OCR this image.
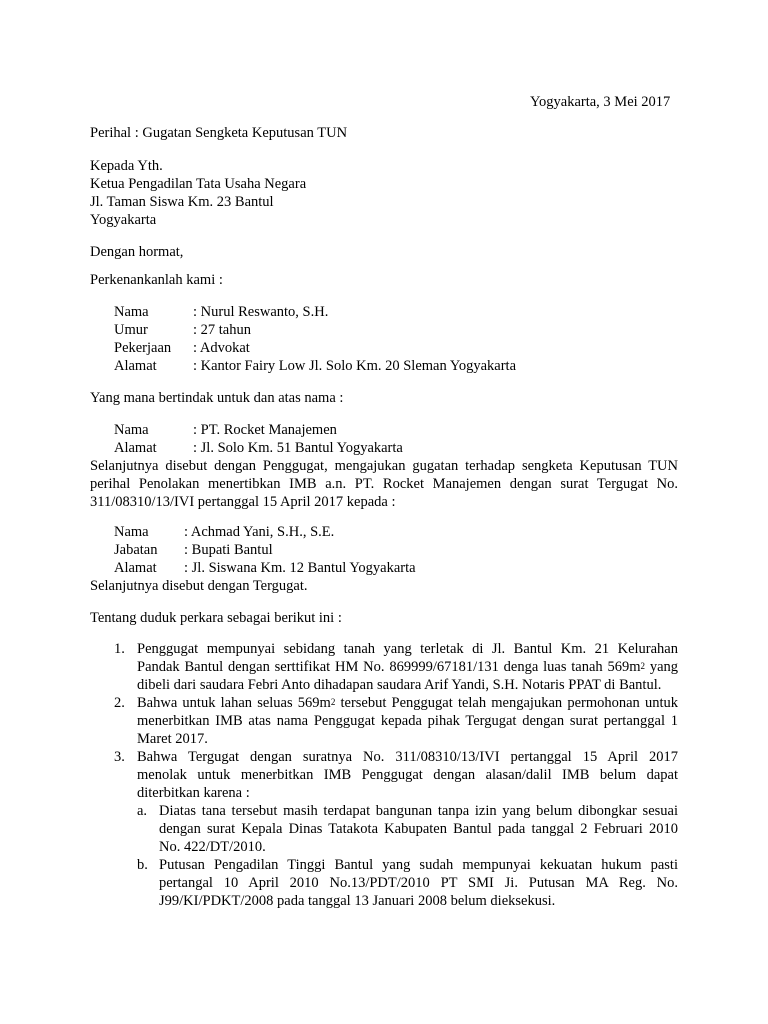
Yogyakarta, 3 Mei 2017
Perihal : Gugatan Sengketa Keputusan TUN
Kepada Yth.
Ketua Pengadilan Tata Usaha Negara
Jl. Taman Siswa Km. 23 Bantul
Yogyakarta
Dengan hormat,
Perkenankanlah kami :
Nama	: Nurul Reswanto, S.H.
Umur	: 27 tahun
Pekerjaan : Advokat
Alamat	: Kantor Fairy Low Jl. Solo Km. 20 Sleman Yogyakarta
Yang mana bertindak untuk dan atas nama :
Nama	: PT. Rocket Manajemen
Alamat	: Jl. Solo Km. 51 Bantul Yogyakarta
Selanjutnya disebut dengan Penggugat, mengajukan gugatan terhadap sengketa Keputusan TUN
perihal Penolakan menertibkan IMB a.n. PT. Rocket Manajemen dengan surat Tergugat No.
311/08310/13/IVI pertanggal 15 April 2017 kepada :
Nama : Achmad Yani, S.H., S.E.
Jabatan : Bupati Bantul
Alamat : Jl. Siswana Km. 12 Bantul Yogyakarta
Selanjutnya disebut dengan Tergugat.
Tentang duduk perkara sebagai berikut ini :
1. Penggugat mempunyai sebidang tanah yang terletak di Jl. Bantul Km. 21 Kelurahan
Pandak Bantul dengan serttifikat HM No. 869999/67181/131 denga luas tanah $569m^2$ yang
dibeli dari saudara Febri Anto dihadapan saudara Arif Yandi, S.H. Notaris PPAT di Bantul.
2. Bahwa untuk lahan seluas $569m^2$ tersebut Penggugat telah mengajukan permohonan untuk
menerbitkan IMB atas nama Penggugat kepada pihak Tergugat dengan surat pertanggal 1
Maret 2017.
3. Bahwa Tergugat dengan suratnya No. 311/08310/13/IVI pertanggal 15 April 2017
menolak untuk menerbitkan IMB Penggugat dengan alasan/dalil IMB belum dapat
diterbitkan karena :
a. Diatas tana tersebut masih terdapat bangunan tanpa izin yang belum dibongkar sesuai
dengan surat Kepala Dinas Tatakota Kabupaten Bantul pada tanggal 2 Februari 2010
No. 422/DT/2010.
b. Putusan Pengadilan Tinggi Bantul yang sudah mempunyai kekuatan hukum pasti
pertangal 10 April 2010 No.13/PDT/2010 PT SMI Ji. Putusan MA Reg. No.
J99/KI/PDKT/2008 pada tanggal 13 Januari 2008 belum dieksekusi.
